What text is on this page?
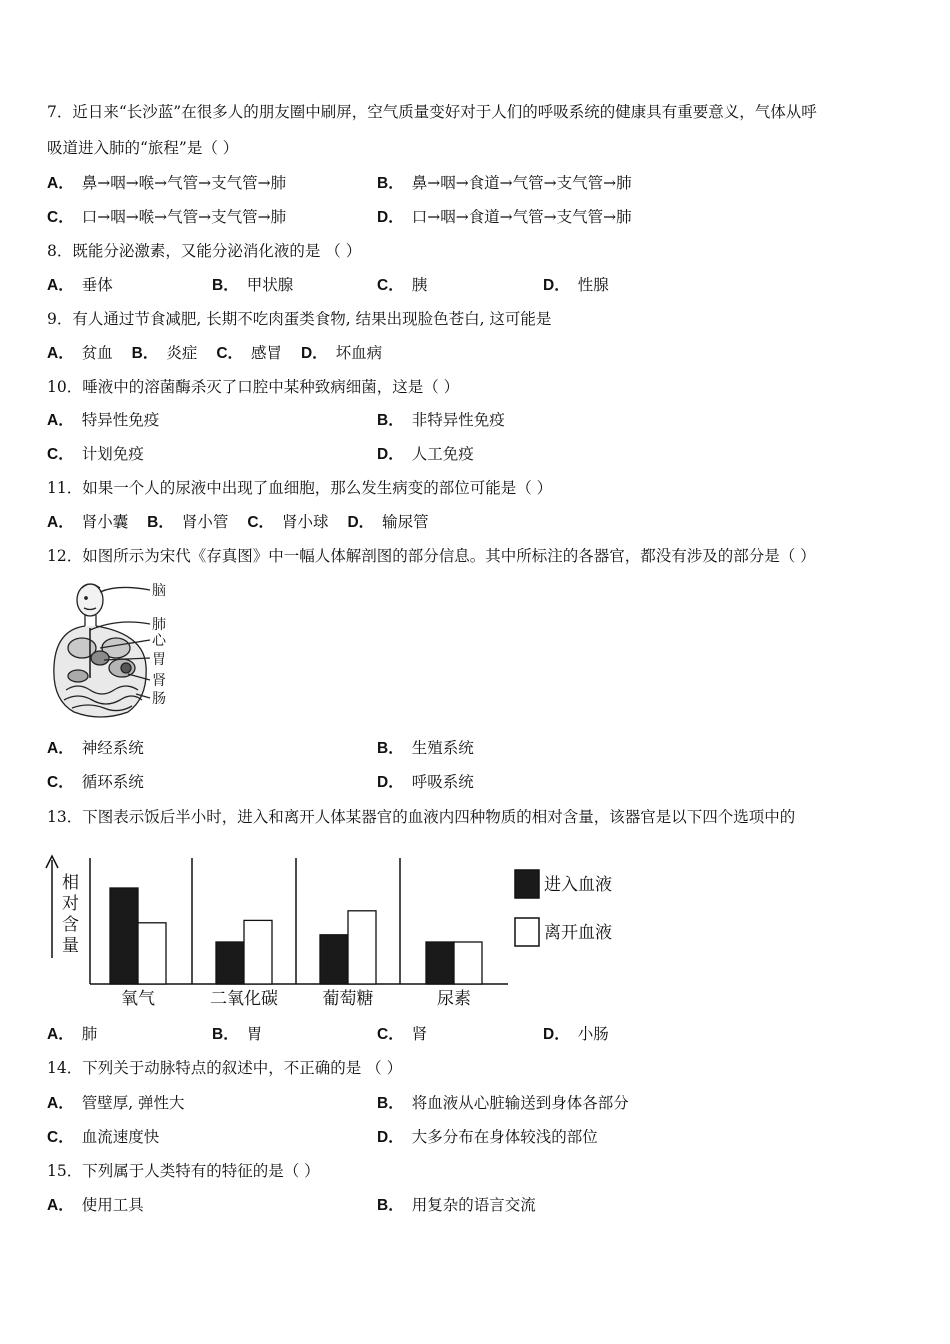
7．近日来“长沙蓝”在很多人的朋友圈中刷屏，空气质量变好对于人们的呼吸系统的健康具有重要意义，气体从呼
吸道进入肺的“旅程”是（ ）
A． 鼻→咽→喉→气管→支气管→肺	B． 鼻→咽→食道→气管→支气管→肺
C． 口→咽→喉→气管→支气管→肺	D． 口→咽→食道→气管→支气管→肺
8．既能分泌激素，又能分泌消化液的是 （ ）
A． 垂体	B． 甲状腺	C． 胰	D． 性腺
9．有人通过节食减肥, 长期不吃肉蛋类食物, 结果出现脸色苍白, 这可能是
A． 贫血 B． 炎症 C． 感冒 D． 坏血病
10．唾液中的溶菌酶杀灭了口腔中某种致病细菌，这是（ ）
A． 特异性免疫	B． 非特异性免疫
C． 计划免疫	D． 人工免疫
11．如果一个人的尿液中出现了血细胞，那么发生病变的部位可能是（ ）
A． 肾小囊 B． 肾小管 C． 肾小球 D． 输尿管
12．如图所示为宋代《存真图》中一幅人体解剖图的部分信息。其中所标注的各器官，都没有涉及的部分是（ ）
脑
肺
心
胃
肾
肠
A． 神经系统	B． 生殖系统
C． 循环系统	D． 呼吸系统
13．下图表示饭后半小时，进入和离开人体某器官的血液内四种物质的相对含量，该器官是以下四个选项中的
相
对
含
量
氧气	二氧化碳	葡萄糖	尿素
进入血液
离开血液
A． 肺	B． 胃	C． 肾	D． 小肠
14．下列关于动脉特点的叙述中，不正确的是 （ ）
A． 管壁厚, 弹性大	B． 将血液从心脏输送到身体各部分
C． 血流速度快	D． 大多分布在身体较浅的部位
15．下列属于人类特有的特征的是（ ）
A． 使用工具	B． 用复杂的语言交流
